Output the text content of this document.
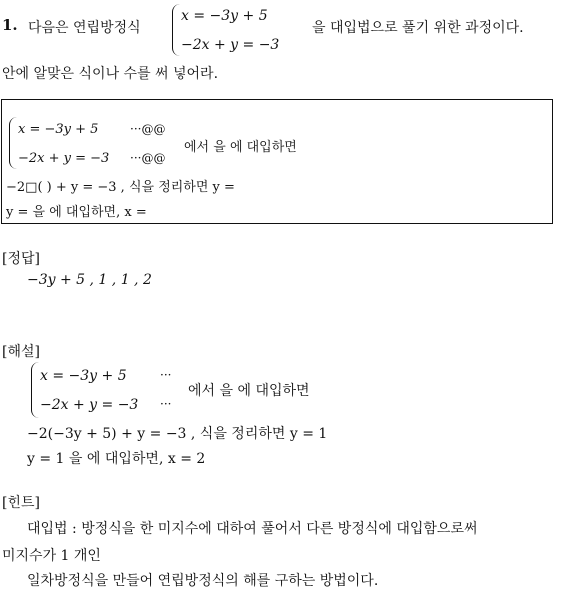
1. 다음은 연립방정식
x = −3y + 5
−2x + y = −3
을 대입법으로 풀기 위한 과정이다.
안에 알맞은 식이나 수를 써 넣어라.
x = −3y + 5	···@@
−2x + y = −3 ···@@
에서 을 에 대입하면
−2□( ) + y = −3 , 식을 정리하면 y =
y = 을 에 대입하면, x =
[정답]
−3y + 5 , 1 , 1 , 2
[해설]
x = −3y + 5	···
−2x + y = −3 ···
에서 을 에 대입하면
−2(−3y + 5) + y = −3 , 식을 정리하면 y = 1
y = 1 을 에 대입하면, x = 2
[힌트]
대입법 : 방정식을 한 미지수에 대하여 풀어서 다른 방정식에 대입함으로써
미지수가 1 개인
일차방정식을 만들어 연립방정식의 해를 구하는 방법이다.
